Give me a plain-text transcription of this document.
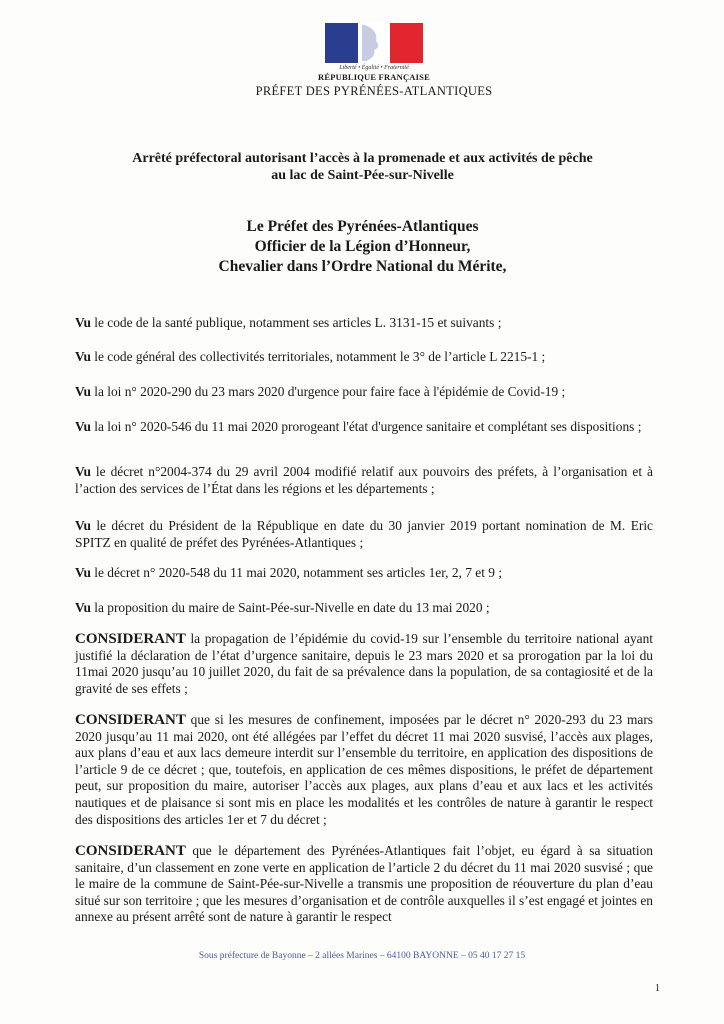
Liberté • Égalité • Fraternité
RÉPUBLIQUE FRANÇAISE
PRÉFET DES PYRÉNÉES-ATLANTIQUES
Arrêté préfectoral autorisant l’accès à la promenade et aux activités de pêche
au lac de Saint-Pée-sur-Nivelle
Le Préfet des Pyrénées-Atlantiques
Officier de la Légion d’Honneur,
Chevalier dans l’Ordre National du Mérite,
Vu le code de la santé publique, notamment ses articles L. 3131-15 et suivants ;
Vu le code général des collectivités territoriales, notamment le 3° de l’article L 2215-1 ;
Vu la loi n° 2020-290 du 23 mars 2020 d'urgence pour faire face à l'épidémie de Covid-19 ;
Vu la loi n° 2020-546 du 11 mai 2020 prorogeant l'état d'urgence sanitaire et complétant ses dispositions ;
Vu le décret n°2004-374 du 29 avril 2004 modifié relatif aux pouvoirs des préfets, à l’organisation et à l’action des services de l’État dans les régions et les départements ;
Vu le décret du Président de la République en date du 30 janvier 2019 portant nomination de M. Eric SPITZ en qualité de préfet des Pyrénées-Atlantiques ;
Vu le décret n° 2020-548 du 11 mai 2020, notamment ses articles 1er, 2, 7 et 9 ;
Vu la proposition du maire de Saint-Pée-sur-Nivelle en date du 13 mai 2020 ;
CONSIDERANT la propagation de l’épidémie du covid-19 sur l’ensemble du territoire national ayant justifié la déclaration de l’état d’urgence sanitaire, depuis le 23 mars 2020 et sa prorogation par la loi du 11mai 2020 jusqu’au 10 juillet 2020, du fait de sa prévalence dans la population, de sa contagiosité et de la gravité de ses effets ;
CONSIDERANT que si les mesures de confinement, imposées par le décret n° 2020-293 du 23 mars 2020 jusqu’au 11 mai 2020, ont été allégées par l’effet du décret 11 mai 2020 susvisé, l’accès aux plages, aux plans d’eau et aux lacs demeure interdit sur l’ensemble du territoire, en application des dispositions de l’article 9 de ce décret ; que, toutefois, en application de ces mêmes dispositions, le préfet de département peut, sur proposition du maire, autoriser l’accès aux plages, aux plans d’eau et aux lacs et les activités nautiques et de plaisance si sont mis en place les modalités et les contrôles de nature à garantir le respect des dispositions des articles 1er et 7 du décret ;
CONSIDERANT que le département des Pyrénées-Atlantiques fait l’objet, eu égard à sa situation sanitaire, d’un classement en zone verte en application de l’article 2 du décret du 11 mai 2020 susvisé ; que le maire de la commune de Saint-Pée-sur-Nivelle a transmis une proposition de réouverture du plan d’eau situé sur son territoire ; que les mesures d’organisation et de contrôle auxquelles il s’est engagé et jointes en annexe au présent arrêté sont de nature à garantir le respect
Sous préfecture de Bayonne – 2 allées Marines – 64100 BAYONNE – 05 40 17 27 15
1
